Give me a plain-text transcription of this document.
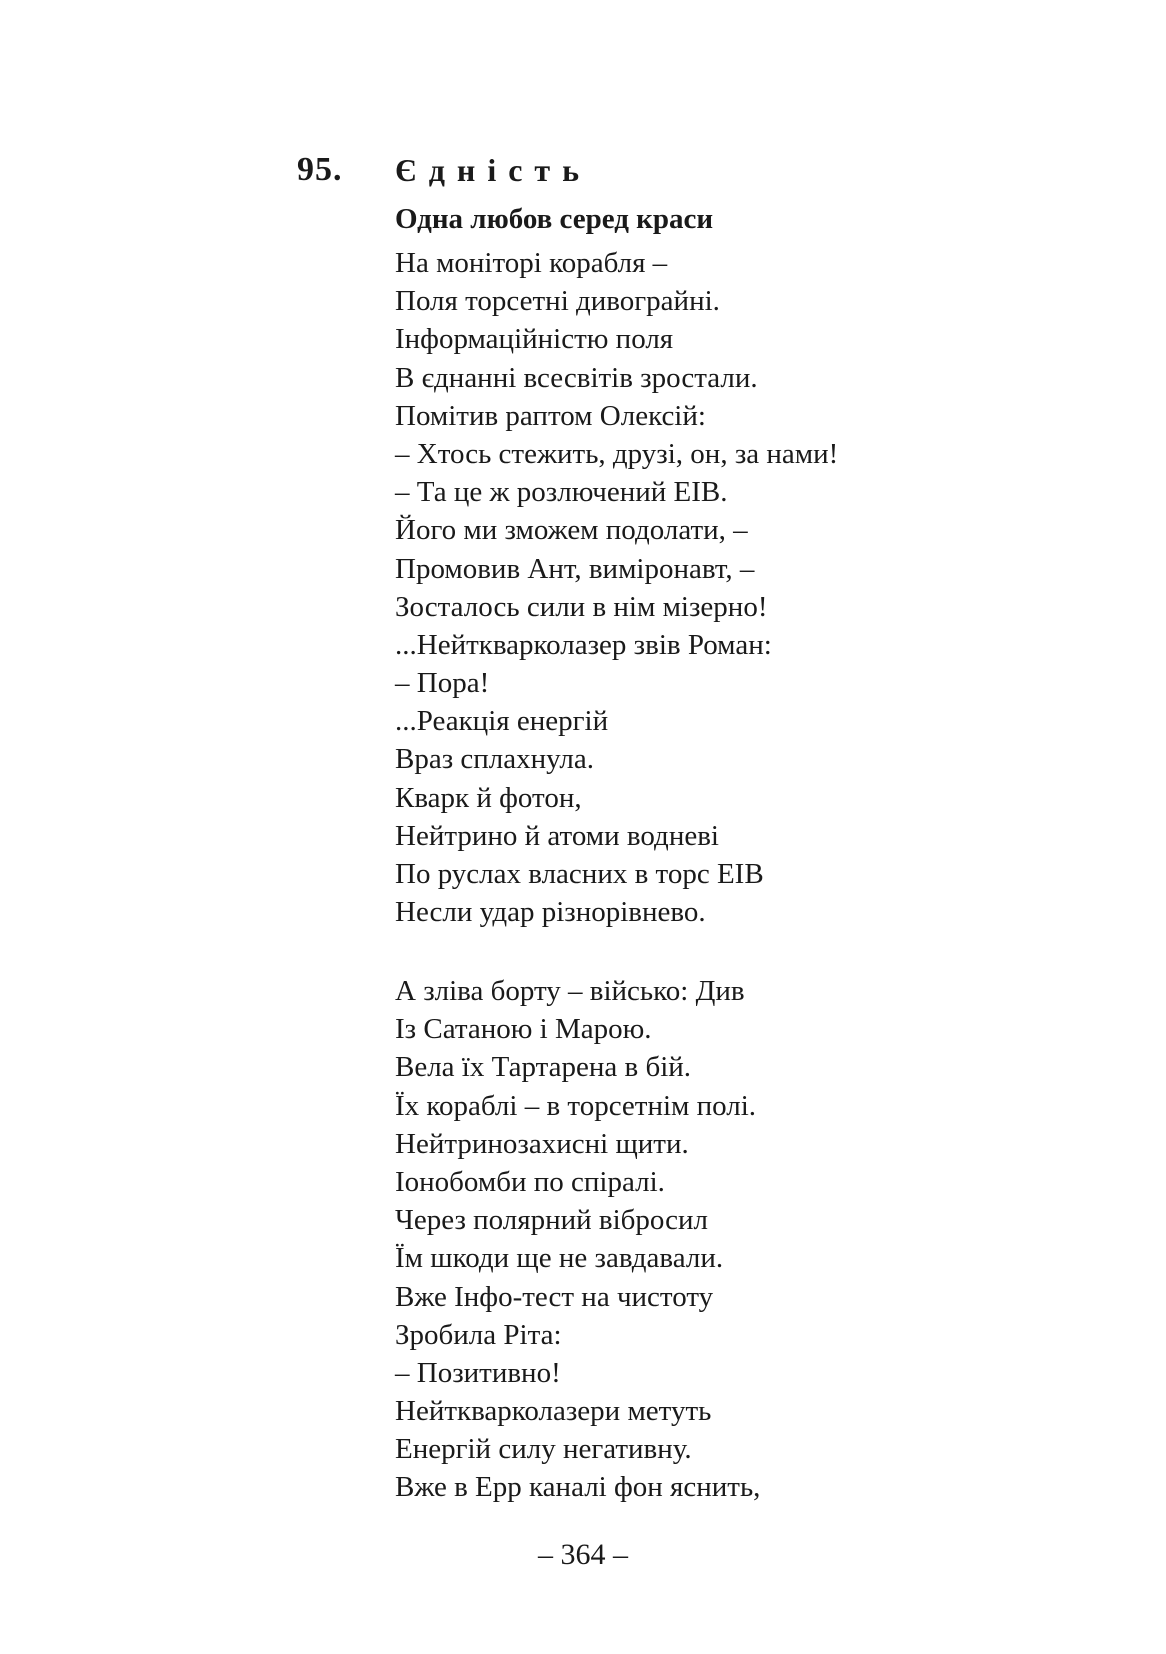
95. Єдність
Одна любов серед краси
На моніторі корабля –
Поля торсетні дивограйні.
Інформаційністю поля
В єднанні всесвітів зростали.
Помітив раптом Олексій:
– Хтось стежить, друзі, он, за нами!
– Та це ж розлючений ЕІВ.
Його ми зможем подолати, –
Промовив Ант, виміронавт, –
Зосталось сили в нім мізерно!
...Нейткварколазер звів Роман:
– Пора!
...Реакція енергій
Враз сплахнула.
Кварк й фотон,
Нейтрино й атоми водневі
По руслах власних в торс ЕІВ
Несли удар різнорівнево.
А зліва борту – військо: Див
Із Сатаною і Марою.
Вела їх Тартарена в бій.
Їх кораблі – в торсетнім полі.
Нейтринозахисні щити.
Іонобомби по спіралі.
Через полярний вібросил
Їм шкоди ще не завдавали.
Вже Інфо-тест на чистоту
Зробила Ріта:
– Позитивно!
Нейткварколазери метуть
Енергій силу негативну.
Вже в Ерр каналі фон яснить,
– 364 –
